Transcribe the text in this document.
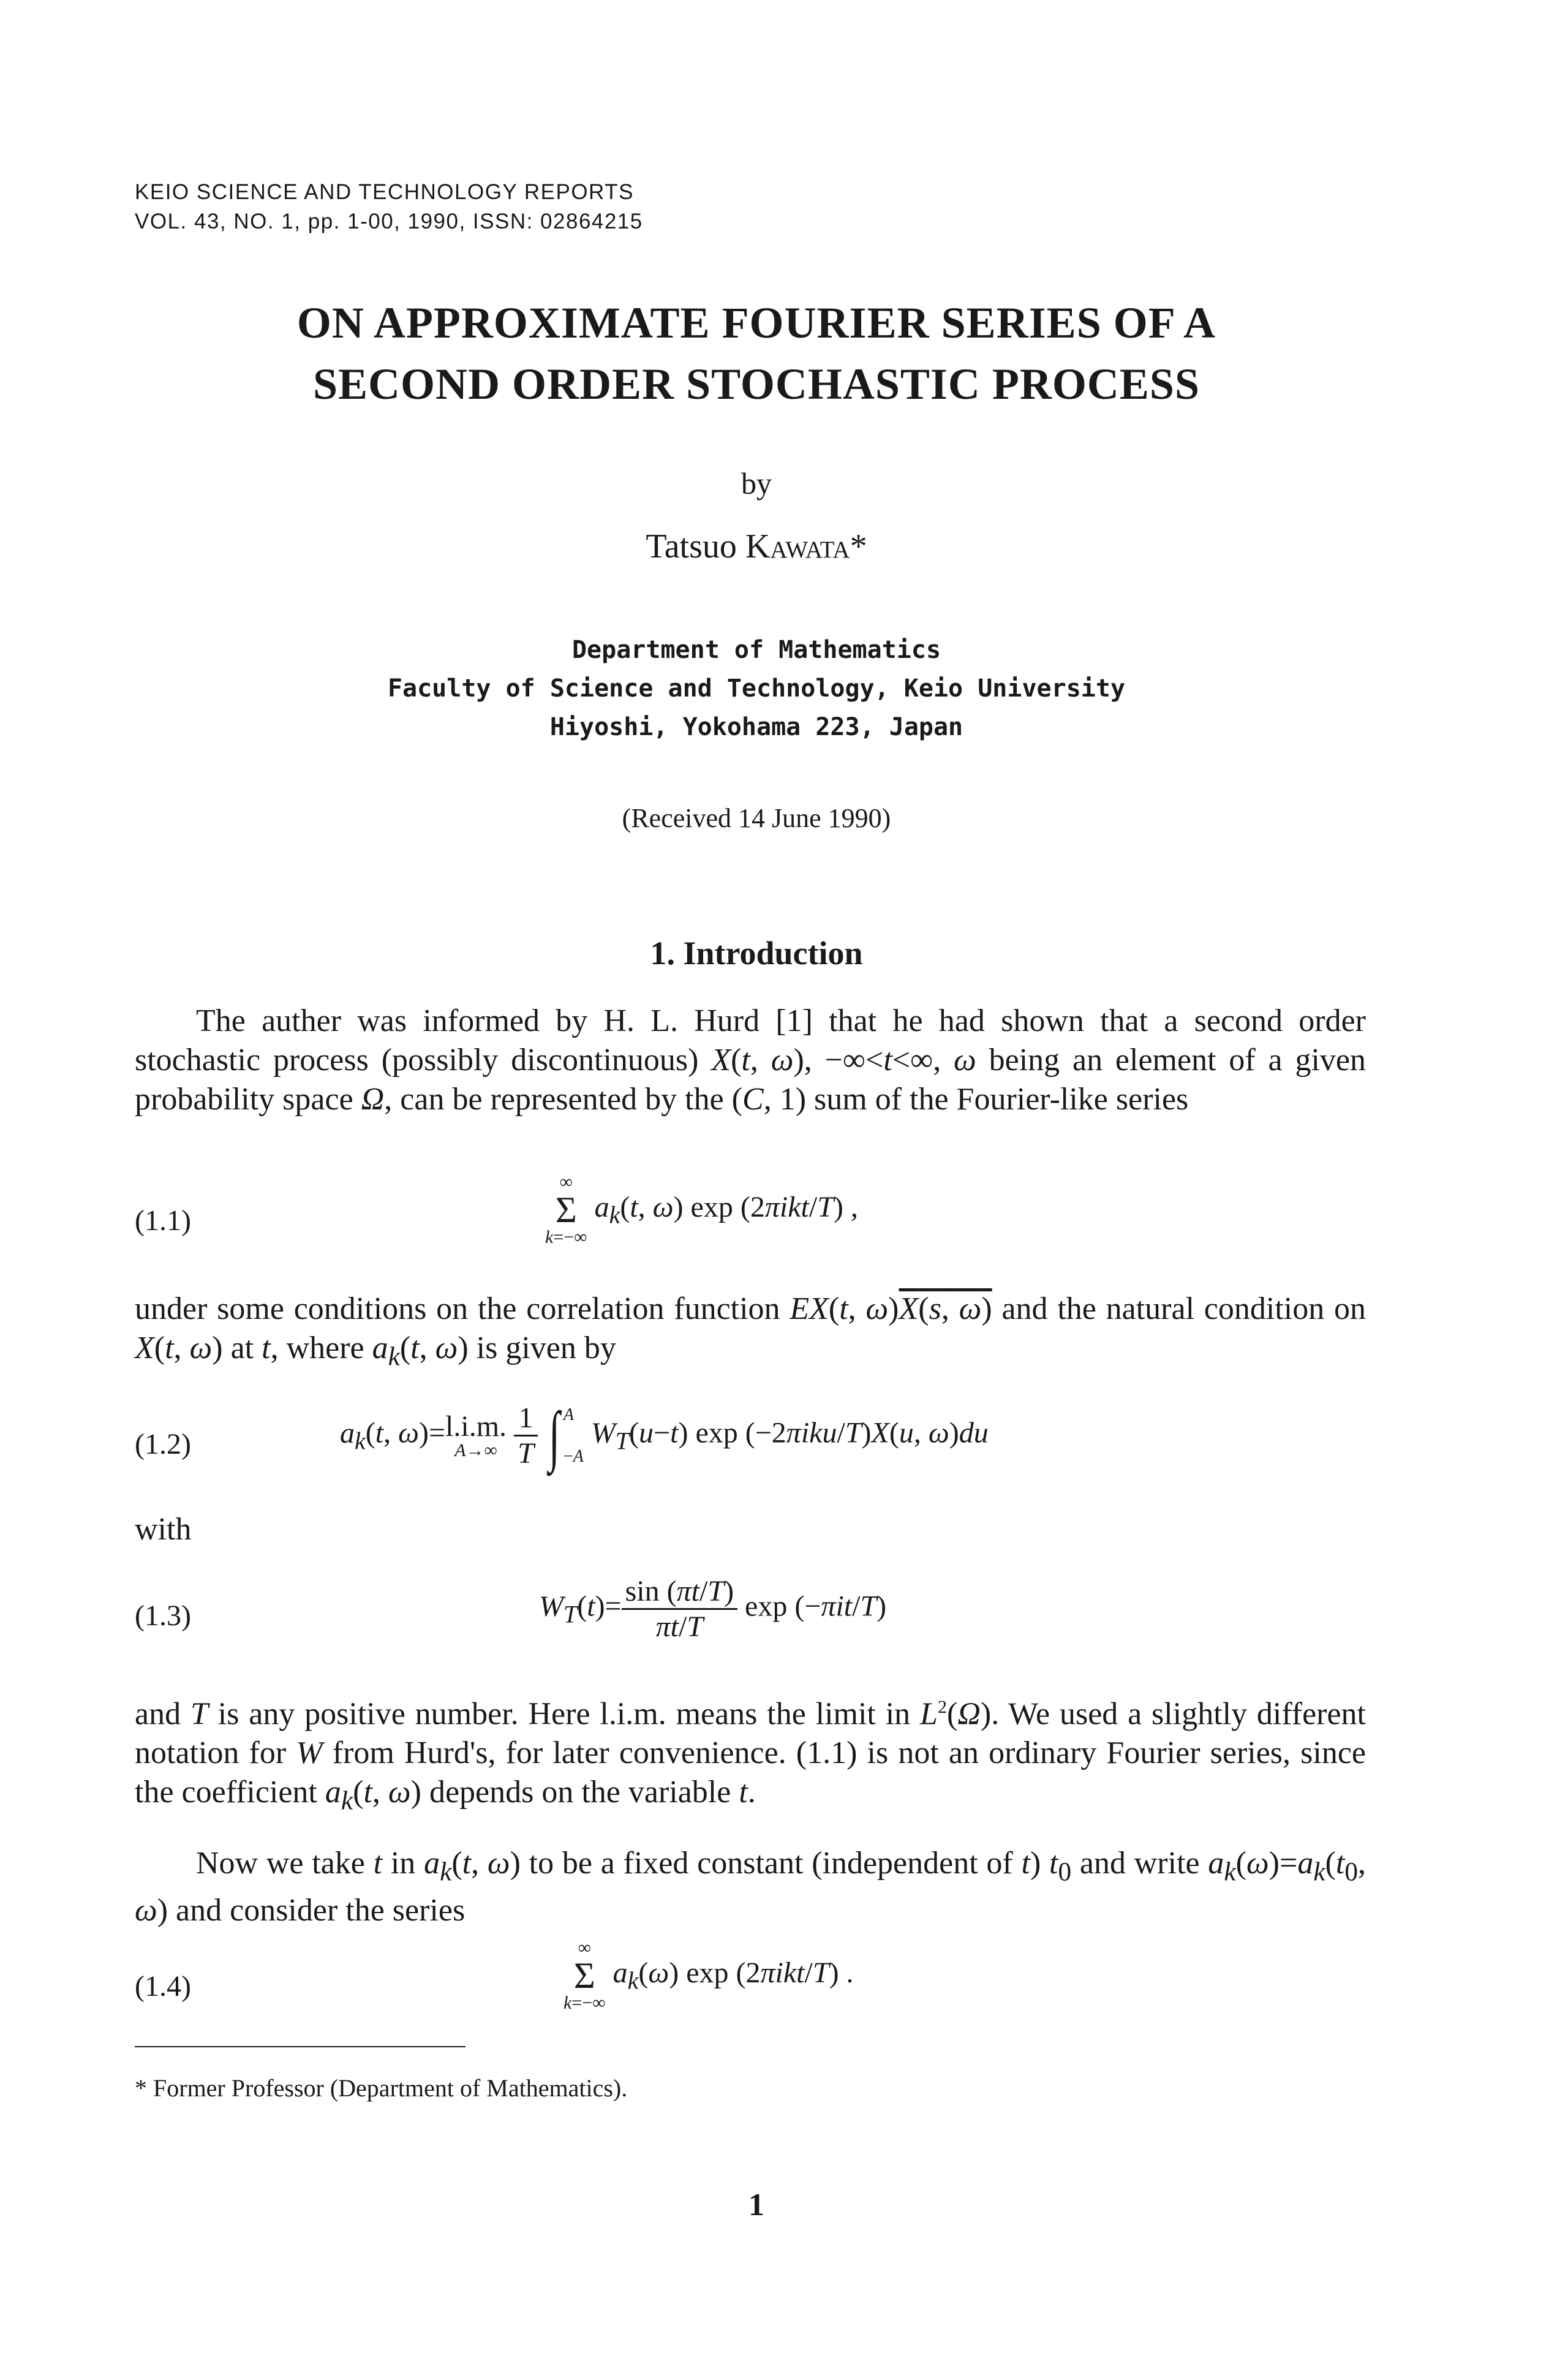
KEIO SCIENCE AND TECHNOLOGY REPORTS
VOL. 43, NO. 1, pp. 1-00, 1990, ISSN: 02864215
ON APPROXIMATE FOURIER SERIES OF A
SECOND ORDER STOCHASTIC PROCESS
by
Tatsuo Kawata*
Department of Mathematics
Faculty of Science and Technology, Keio University
Hiyoshi, Yokohama 223, Japan
(Received 14 June 1990)
1. Introduction
The auther was informed by H. L. Hurd [1] that he had shown that a second order stochastic process (possibly discontinuous) X(t, ω), −∞<t<∞, ω being an element of a given probability space Ω, can be represented by the (C, 1) sum of the Fourier-like series
(1.1)
∞
Σ
k=−∞
$a_k(t$, ω) exp (2πikt/T) ,
under some conditions on the correlation function EX(t, ω)X(s, ω) and the natural condition on X(t, ω) at t, where $a_k(t$, ω) is given by
(1.2)	$a_k(t$, ω)= l.i.m.
A→∞
$\frac{1}{T}$ ∫ A
−A
$W_T(u-t)$ exp (−2πiku/T)X(u, ω)du
with
(1.3)	$W_T(t)= \frac{\sin (\pi t/T)}{\pi t/T}$ exp (−πit/T)
and T is any positive number. Here l.i.m. means the limit in $L^2(\Omega)$. We used a slightly different notation for W from Hurd's, for later convenience. (1.1) is not an ordinary Fourier series, since the coefficient $a_k(t$, ω) depends on the variable t.
Now we take t in $a_k(t$, ω) to be a fixed constant (independent of t) $t_0$ and write $a_k(\omega)=a_k(t_0$, ω) and consider the series
(1.4)
∞
Σ
k=−∞
$a_k(\omega)$ exp (2πikt/T) .
* Former Professor (Department of Mathematics).
1
